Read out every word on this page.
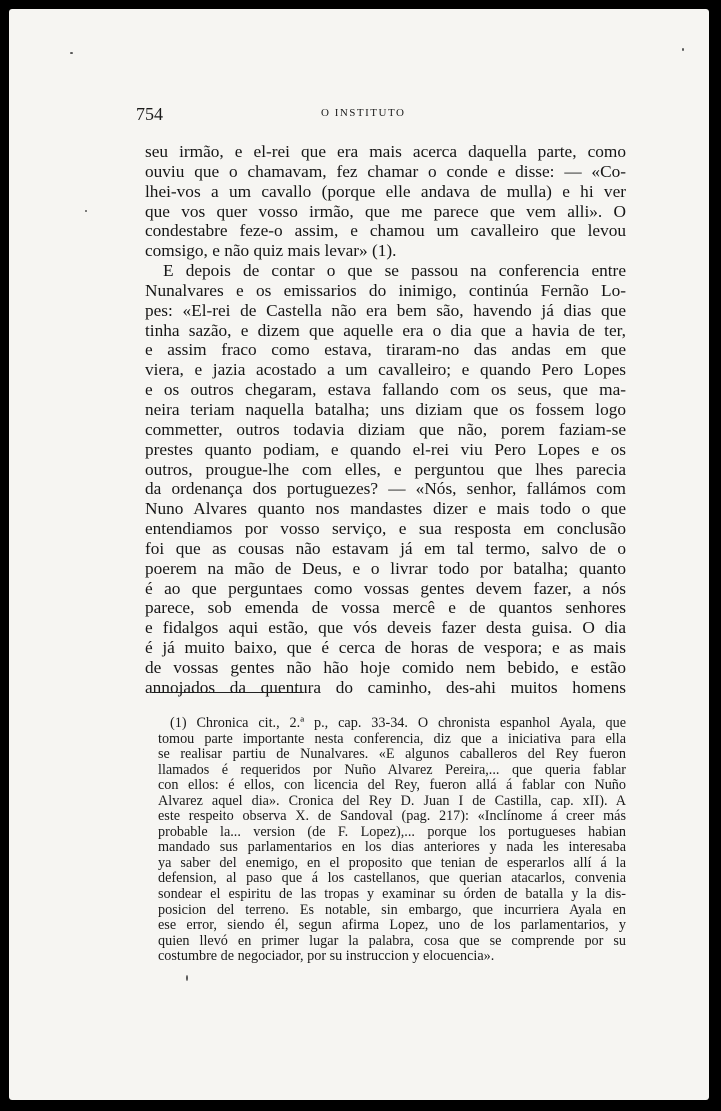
754	O INSTITUTO

seu irmão, e el-rei que era mais acerca daquella parte, como
ouviu que o chamavam, fez chamar o conde e disse: — «Co-
lhei-vos a um cavallo (porque elle andava de mulla) e hi ver
que vos quer vosso irmão, que me parece que vem alli». O
condestabre feze-o assim, e chamou um cavalleiro que levou
comsigo, e não quiz mais levar» (1).

E depois de contar o que se passou na conferencia entre
Nunalvares e os emissarios do inimigo, continúa Fernão Lo-
pes: «El-rei de Castella não era bem são, havendo já dias que
tinha sazão, e dizem que aquelle era o dia que a havia de ter,
e assim fraco como estava, tiraram-no das andas em que
viera, e jazia acostado a um cavalleiro; e quando Pero Lopes
e os outros chegaram, estava fallando com os seus, que ma-
neira teriam naquella batalha; uns diziam que os fossem logo
commetter, outros todavia diziam que não, porem faziam-se
prestes quanto podiam, e quando el-rei viu Pero Lopes e os
outros, prougue-lhe com elles, e perguntou que lhes parecia
da ordenança dos portuguezes? — «Nós, senhor, fallámos com
Nuno Alvares quanto nos mandastes dizer e mais todo o que
entendiamos por vosso serviço, e sua resposta em conclusão
foi que as cousas não estavam já em tal termo, salvo de o
poerem na mão de Deus, e o livrar todo por batalha; quanto
é ao que perguntaes como vossas gentes devem fazer, a nós
parece, sob emenda de vossa mercê e de quantos senhores
e fidalgos aqui estão, que vós deveis fazer desta guisa. O dia
é já muito baixo, que é cerca de horas de vespora; e as mais
de vossas gentes não hão hoje comido nem bebido, e estão
annojados da quentura do caminho, des-ahi muitos homens

(1) Chronica cit., 2.ª p., cap. 33-34. O chronista espanhol Ayala, que
tomou parte importante nesta conferencia, diz que a iniciativa para ella
se realisar partiu de Nunalvares. «E algunos caballeros del Rey fueron
llamados é requeridos por Nuño Alvarez Pereira,... que queria fablar
con ellos: é ellos, con licencia del Rey, fueron allá á fablar con Nuño
Alvarez aquel dia». Cronica del Rey D. Juan I de Castilla, cap. xII). A
este respeito observa X. de Sandoval (pag. 217): «Inclínome á creer más
probable la... version (de F. Lopez),... porque los portugueses habian
mandado sus parlamentarios en los dias anteriores y nada les interesaba
ya saber del enemigo, en el proposito que tenian de esperarlos allí á la
defension, al paso que á los castellanos, que querian atacarlos, convenia
sondear el espiritu de las tropas y examinar su órden de batalla y la dis-
posicion del terreno. Es notable, sin embargo, que incurriera Ayala en
ese error, siendo él, segun afirma Lopez, uno de los parlamentarios, y
quien llevó en primer lugar la palabra, cosa que se comprende por su
costumbre de negociador, por su instruccion y elocuencia».
